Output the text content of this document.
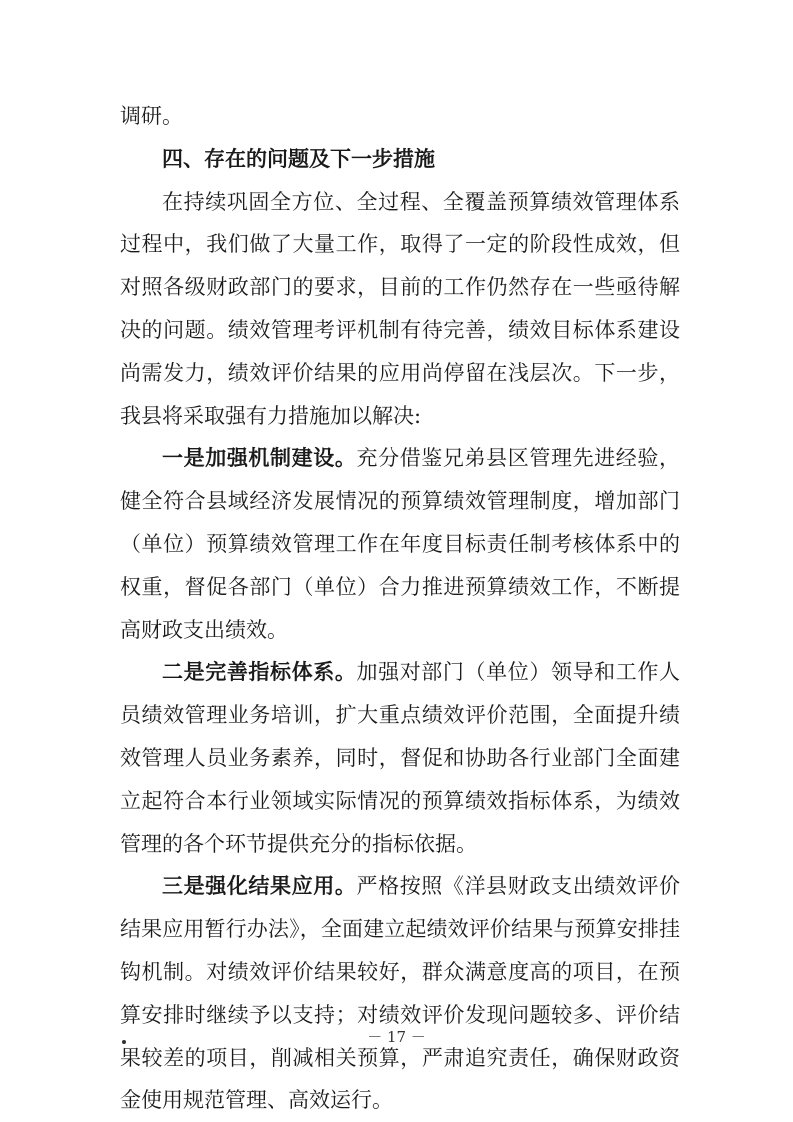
调研。

四、存在的问题及下一步措施

在持续巩固全方位、全过程、全覆盖预算绩效管理体系过程中，我们做了大量工作，取得了一定的阶段性成效，但对照各级财政部门的要求，目前的工作仍然存在一些亟待解决的问题。绩效管理考评机制有待完善，绩效目标体系建设尚需发力，绩效评价结果的应用尚停留在浅层次。下一步，我县将采取强有力措施加以解决:

一是加强机制建设。充分借鉴兄弟县区管理先进经验，健全符合县域经济发展情况的预算绩效管理制度，增加部门（单位）预算绩效管理工作在年度目标责任制考核体系中的权重，督促各部门（单位）合力推进预算绩效工作，不断提高财政支出绩效。

二是完善指标体系。加强对部门（单位）领导和工作人员绩效管理业务培训，扩大重点绩效评价范围，全面提升绩效管理人员业务素养，同时，督促和协助各行业部门全面建立起符合本行业领域实际情况的预算绩效指标体系，为绩效管理的各个环节提供充分的指标依据。

三是强化结果应用。严格按照《洋县财政支出绩效评价结果应用暂行办法》，全面建立起绩效评价结果与预算安排挂钩机制。对绩效评价结果较好，群众满意度高的项目，在预算安排时继续予以支持；对绩效评价发现问题较多、评价结果较差的项目，削减相关预算，严肃追究责任，确保财政资金使用规范管理、高效运行。

－ 17 －
